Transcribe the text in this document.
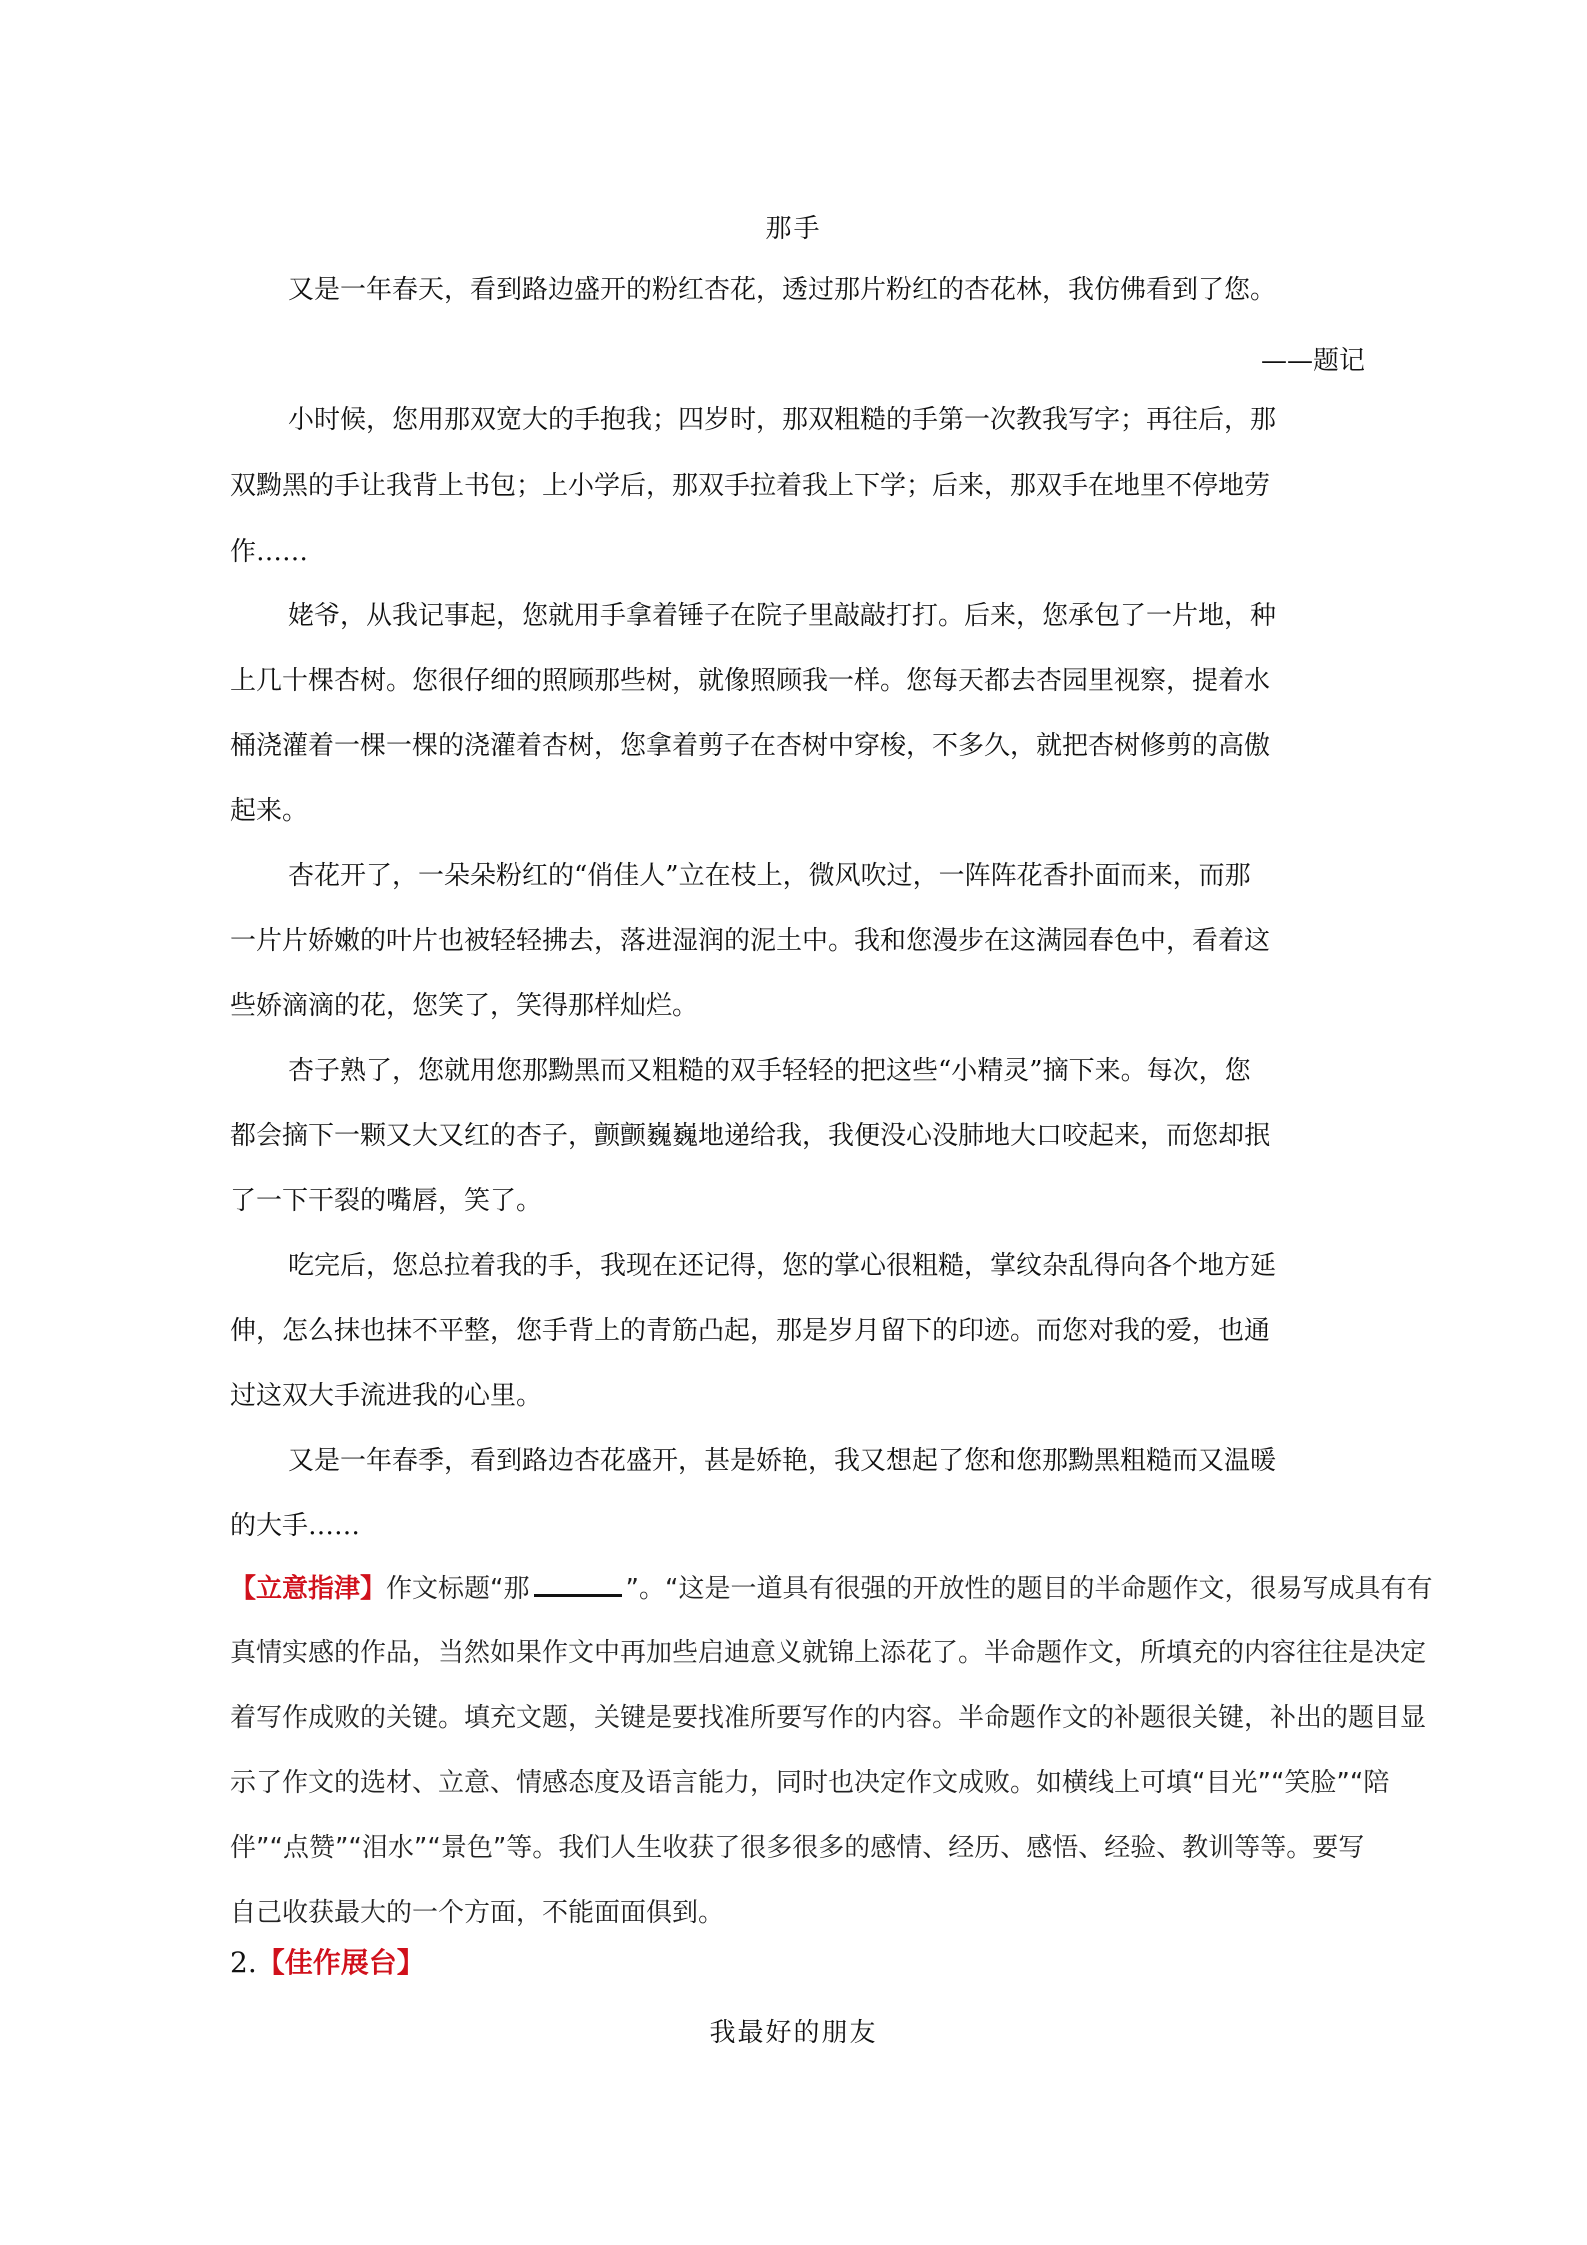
那手
又是一年春天，看到路边盛开的粉红杏花，透过那片粉红的杏花林，我仿佛看到了您。
——题记
小时候，您用那双宽大的手抱我；四岁时，那双粗糙的手第一次教我写字；再往后，那
双黝黑的手让我背上书包；上小学后，那双手拉着我上下学；后来，那双手在地里不停地劳
作……
姥爷，从我记事起，您就用手拿着锤子在院子里敲敲打打。后来，您承包了一片地，种
上几十棵杏树。您很仔细的照顾那些树，就像照顾我一样。您每天都去杏园里视察，提着水
桶浇灌着一棵一棵的浇灌着杏树，您拿着剪子在杏树中穿梭，不多久，就把杏树修剪的高傲
起来。
杏花开了，一朵朵粉红的“俏佳人”立在枝上，微风吹过，一阵阵花香扑面而来，而那
一片片娇嫩的叶片也被轻轻拂去，落进湿润的泥土中。我和您漫步在这满园春色中，看着这
些娇滴滴的花，您笑了，笑得那样灿烂。
杏子熟了，您就用您那黝黑而又粗糙的双手轻轻的把这些“小精灵”摘下来。每次，您
都会摘下一颗又大又红的杏子，颤颤巍巍地递给我，我便没心没肺地大口咬起来，而您却抿
了一下干裂的嘴唇，笑了。
吃完后，您总拉着我的手，我现在还记得，您的掌心很粗糙，掌纹杂乱得向各个地方延
伸，怎么抹也抹不平整，您手背上的青筋凸起，那是岁月留下的印迹。而您对我的爱，也通
过这双大手流进我的心里。
又是一年春季，看到路边杏花盛开，甚是娇艳，我又想起了您和您那黝黑粗糙而又温暖
的大手……
【立意指津】作文标题“那	”。“这是一道具有很强的开放性的题目的半命题作文，很易写成具有有
真情实感的作品，当然如果作文中再加些启迪意义就锦上添花了。半命题作文，所填充的内容往往是决定
着写作成败的关键。填充文题，关键是要找准所要写作的内容。半命题作文的补题很关键，补出的题目显
示了作文的选材、立意、情感态度及语言能力，同时也决定作文成败。如横线上可填“目光”“笑脸”“陪
伴”“点赞”“泪水”“景色”等。我们人生收获了很多很多的感情、经历、感悟、经验、教训等等。要写
自己收获最大的一个方面，不能面面俱到。
2.【佳作展台】
我最好的朋友
